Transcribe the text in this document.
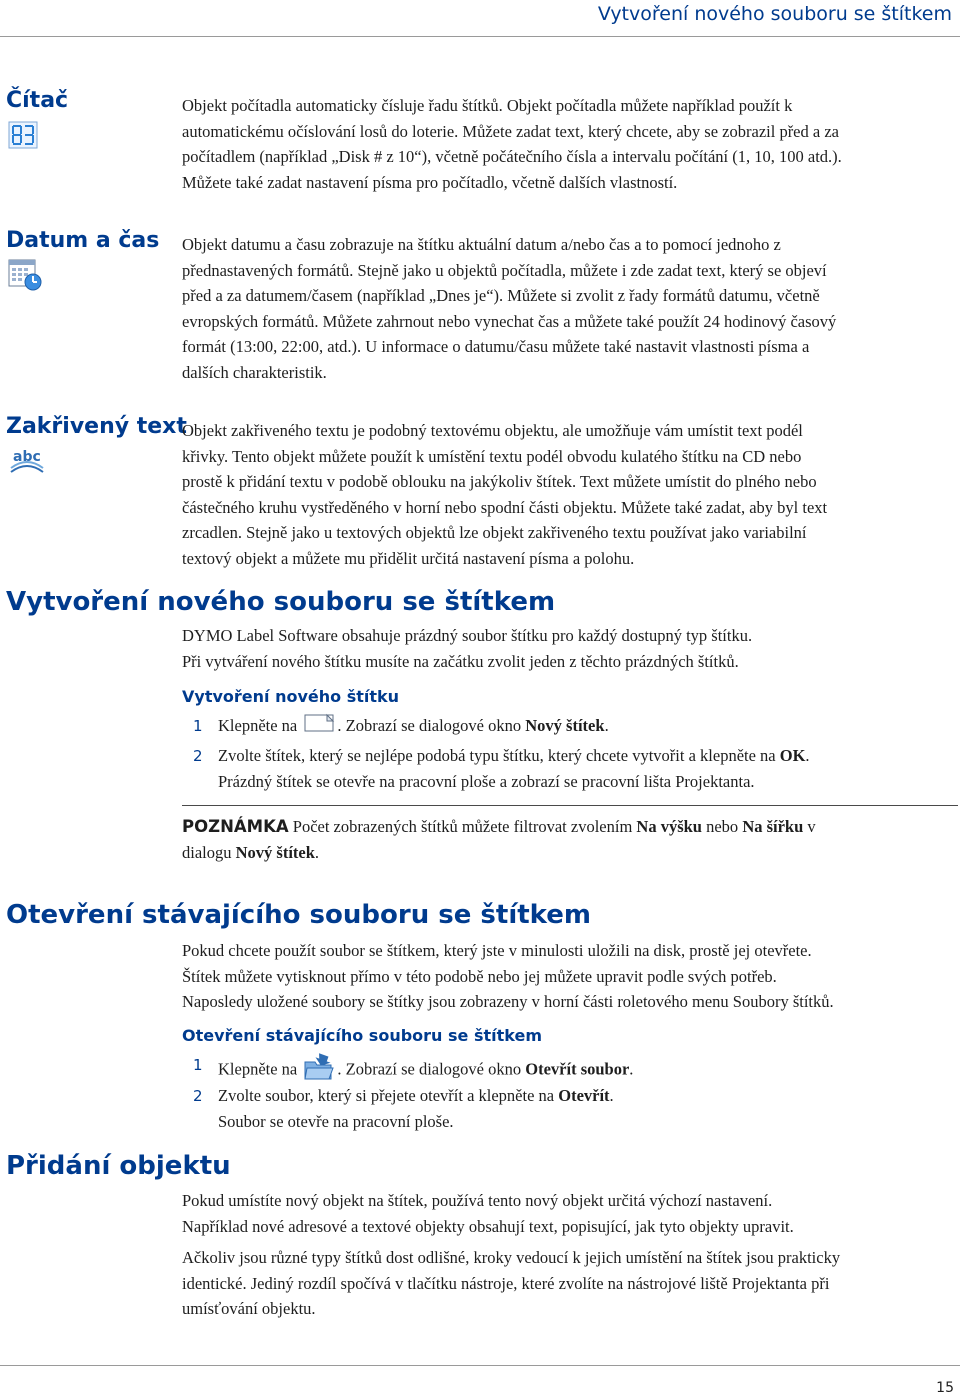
Vytvoření nového souboru se štítkem
Čítač	Objekt počítadla automaticky čísluje řadu štítků. Objekt počítadla můžete například použít k
automatickému očíslování losů do loterie. Můžete zadat text, který chcete, aby se zobrazil před a za
počítadlem (například „Disk # z 10“), včetně počátečního čísla a intervalu počítání (1, 10, 100 atd.).
Můžete také zadat nastavení písma pro počítadlo, včetně dalších vlastností.
Datum a čas Objekt datumu a času zobrazuje na štítku aktuální datum a/nebo čas a to pomocí jednoho z
přednastavených formátů. Stejně jako u objektů počítadla, můžete i zde zadat text, který se objeví
před a za datumem/časem (například „Dnes je“). Můžete si zvolit z řady formátů datumu, včetně
evropských formátů. Můžete zahrnout nebo vynechat čas a můžete také použít 24 hodinový časový
formát (13:00, 22:00, atd.). U informace o datumu/času můžete také nastavit vlastnosti písma a
dalších charakteristik.
Zakřivený text
abc
Objekt zakřiveného textu je podobný textovému objektu, ale umožňuje vám umístit text podél
křivky. Tento objekt můžete použít k umístění textu podél obvodu kulatého štítku na CD nebo
prostě k přidání textu v podobě oblouku na jakýkoliv štítek. Text můžete umístit do plného nebo
částečného kruhu vystředěného v horní nebo spodní části objektu. Můžete také zadat, aby byl text
zrcadlen. Stejně jako u textových objektů lze objekt zakřiveného textu používat jako variabilní
textový objekt a můžete mu přidělit určitá nastavení písma a polohu.
Vytvoření nového souboru se štítkem
DYMO Label Software obsahuje prázdný soubor štítku pro každý dostupný typ štítku.
Při vytváření nového štítku musíte na začátku zvolit jeden z těchto prázdných štítků.
Vytvoření nového štítku
1 Klepněte na . Zobrazí se dialogové okno Nový štítek.
2 Zvolte štítek, který se nejlépe podobá typu štítku, který chcete vytvořit a klepněte na OK.
Prázdný štítek se otevře na pracovní ploše a zobrazí se pracovní lišta Projektanta.
POZNÁMKA Počet zobrazených štítků můžete filtrovat zvolením Na výšku nebo Na šířku v
dialogu Nový štítek.
Otevření stávajícího souboru se štítkem
Pokud chcete použít soubor se štítkem, který jste v minulosti uložili na disk, prostě jej otevřete.
Štítek můžete vytisknout přímo v této podobě nebo jej můžete upravit podle svých potřeb.
Naposledy uložené soubory se štítky jsou zobrazeny v horní části roletového menu Soubory štítků.
Otevření stávajícího souboru se štítkem
1 Klepněte na . Zobrazí se dialogové okno Otevřít soubor.
2 Zvolte soubor, který si přejete otevřít a klepněte na Otevřít.
Soubor se otevře na pracovní ploše.
Přidání objektu
Pokud umístíte nový objekt na štítek, používá tento nový objekt určitá výchozí nastavení.
Například nové adresové a textové objekty obsahují text, popisující, jak tyto objekty upravit.
Ačkoliv jsou různé typy štítků dost odlišné, kroky vedoucí k jejich umístění na štítek jsou prakticky
identické. Jediný rozdíl spočívá v tlačítku nástroje, které zvolíte na nástrojové liště Projektanta při
umísťování objektu.
15
